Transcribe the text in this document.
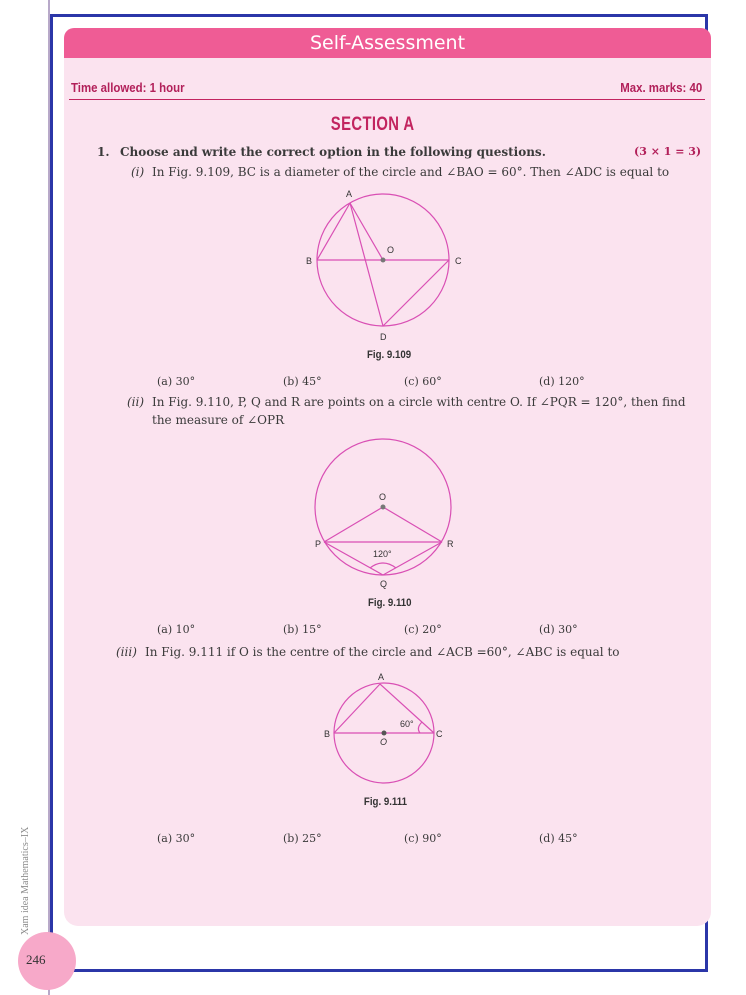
Self-Assessment
Time allowed: 1 hour	Max. marks: 40
SECTION A
1. Choose and write the correct option in the following questions.	(3 × 1 = 3)
(i) In Fig. 9.109, BC is a diameter of the circle and ∠BAO = 60°. Then ∠ADC is equal to
A
B	C
D
O
Fig. 9.109
(a) 30°	(b) 45°	(c) 60°	(d) 120°
(ii) In Fig. 9.110, P, Q and R are points on a circle with centre O. If ∠PQR = 120°, then find
the measure of ∠OPR
O
P	R
Q
120°
Fig. 9.110
(a) 10°	(b) 15°	(c) 20°	(d) 30°
(iii) In Fig. 9.111 if O is the centre of the circle and ∠ACB =60°, ∠ABC is equal to
A
B	C
O
60°
Fig. 9.111
(a) 30°	(b) 25°	(c) 90°	(d) 45°
Xam idea Mathematics–IX
246
